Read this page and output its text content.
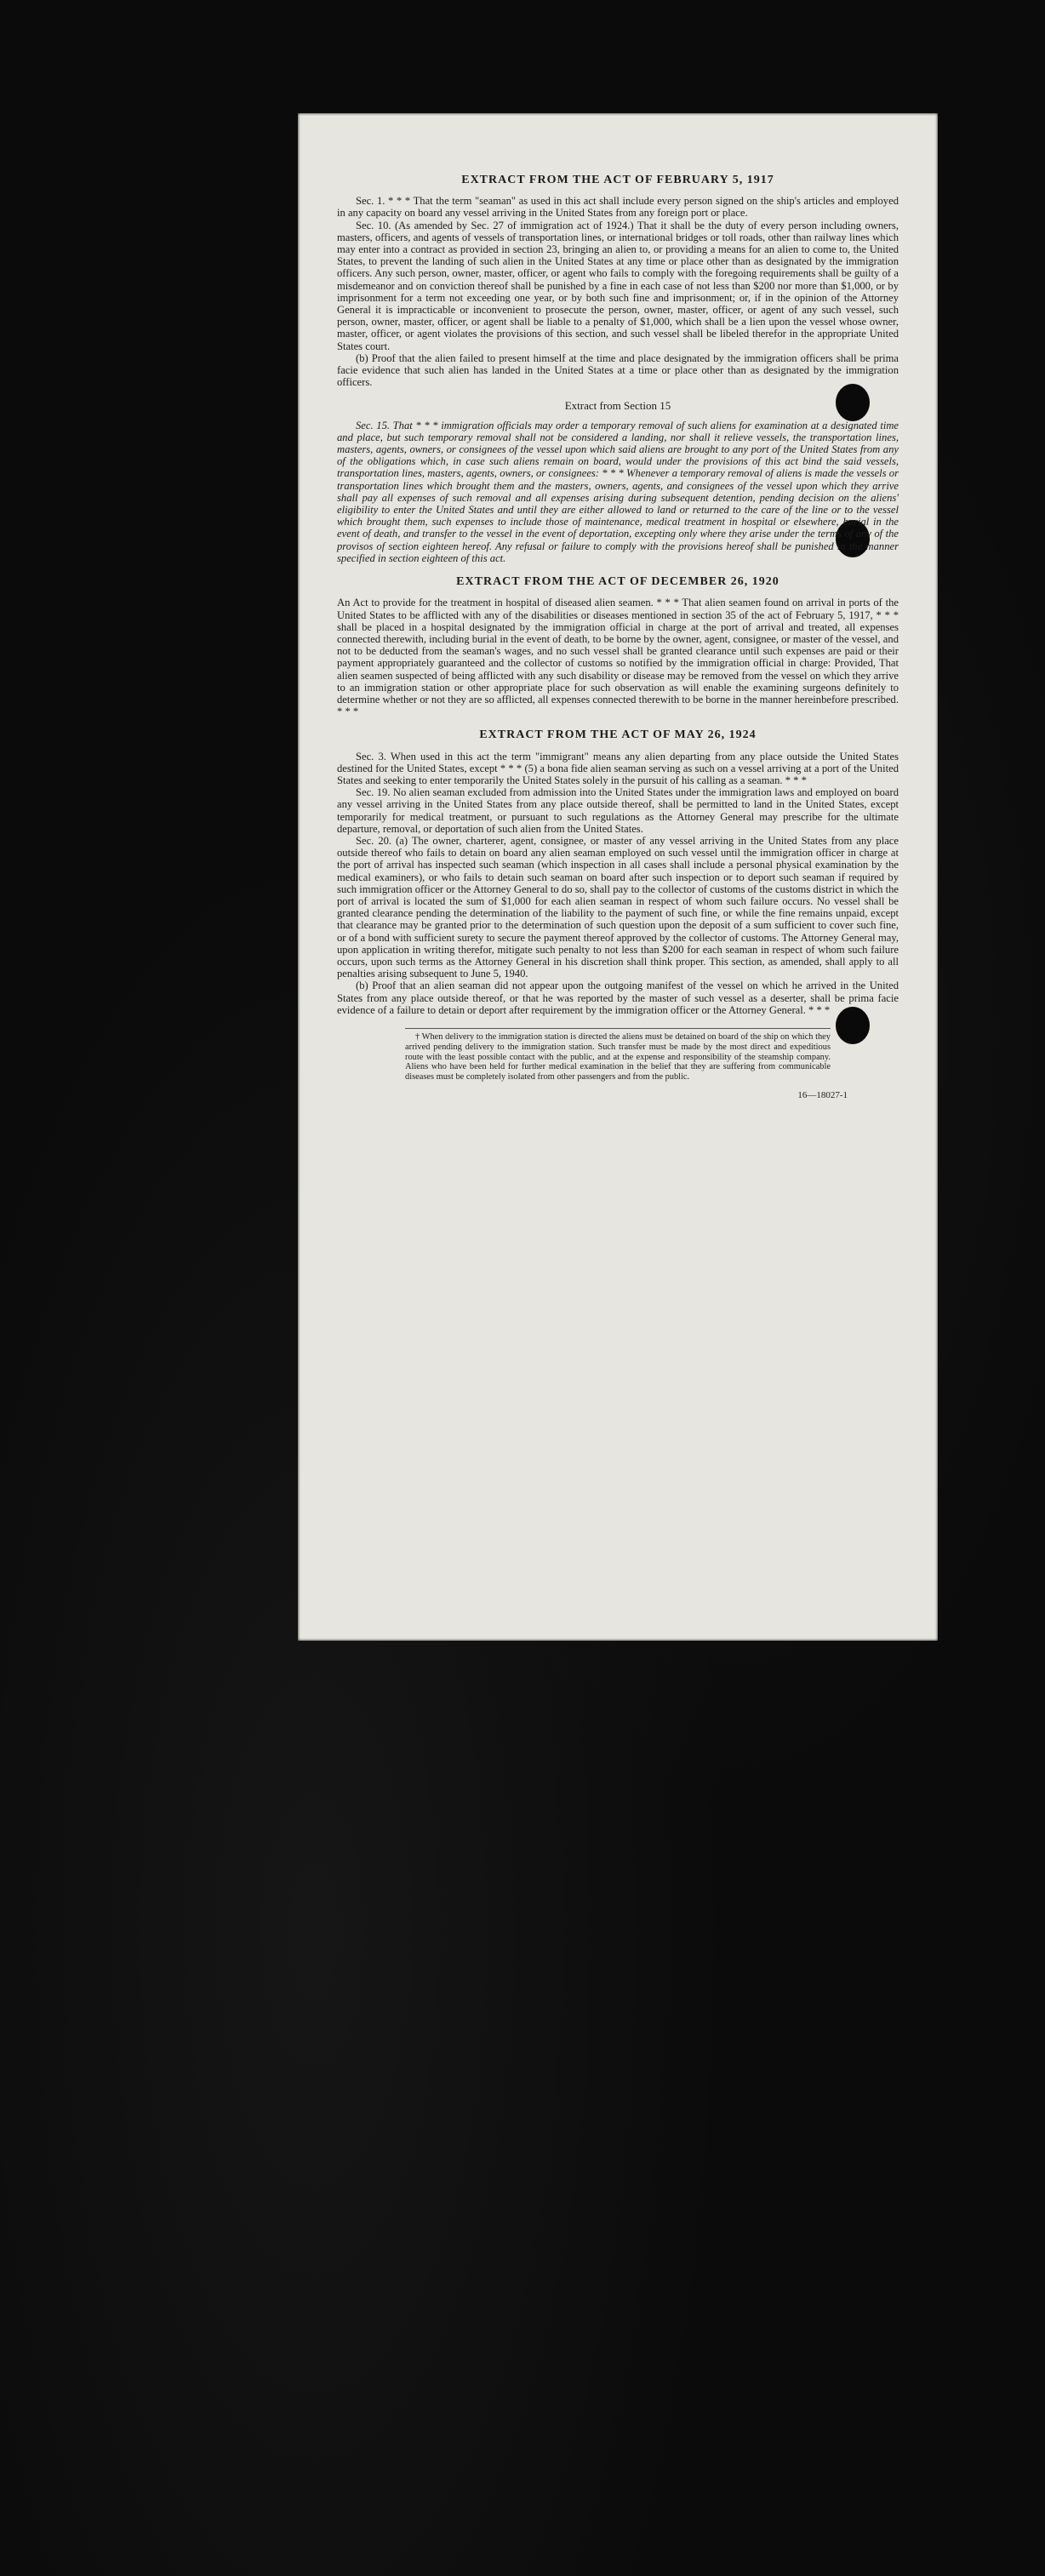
EXTRACT FROM THE ACT OF FEBRUARY 5, 1917

Sec. 1. * * * That the term "seaman" as used in this act shall include every person signed on the ship's articles and employed in any capacity on board any vessel arriving in the United States from any foreign port or place.

Sec. 10. (As amended by Sec. 27 of immigration act of 1924.) That it shall be the duty of every person including owners, masters, officers, and agents of vessels of transportation lines, or international bridges or toll roads, other than railway lines which may enter into a contract as provided in section 23, bringing an alien to, or providing a means for an alien to come to, the United States, to prevent the landing of such alien in the United States at any time or place other than as designated by the immigration officers. Any such person, owner, master, officer, or agent who fails to comply with the foregoing requirements shall be guilty of a misdemeanor and on conviction thereof shall be punished by a fine in each case of not less than $200 nor more than $1,000, or by imprisonment for a term not exceeding one year, or by both such fine and imprisonment; or, if in the opinion of the Attorney General it is impracticable or inconvenient to prosecute the person, owner, master, officer, or agent of any such vessel, such person, owner, master, officer, or agent shall be liable to a penalty of $1,000, which shall be a lien upon the vessel whose owner, master, officer, or agent violates the provisions of this section, and such vessel shall be libeled therefor in the appropriate United States court.

(b) Proof that the alien failed to present himself at the time and place designated by the immigration officers shall be prima facie evidence that such alien has landed in the United States at a time or place other than as designated by the immigration officers.

Extract from Section 15

Sec. 15. That * * * immigration officials may order a temporary removal of such aliens for examination at a designated time and place, but such temporary removal shall not be considered a landing, nor shall it relieve vessels, the transportation lines, masters, agents, owners, or consignees of the vessel upon which said aliens are brought to any port of the United States from any of the obligations which, in case such aliens remain on board, would under the provisions of this act bind the said vessels, transportation lines, masters, agents, owners, or consignees: * * * Whenever a temporary removal of aliens is made the vessels or transportation lines which brought them and the masters, owners, agents, and consignees of the vessel upon which they arrive shall pay all expenses of such removal and all expenses arising during subsequent detention, pending decision on the aliens' eligibility to enter the United States and until they are either allowed to land or returned to the care of the line or to the vessel which brought them, such expenses to include those of maintenance, medical treatment in hospital or elsewhere, burial in the event of death, and transfer to the vessel in the event of deportation, excepting only where they arise under the terms of any of the provisos of section eighteen hereof. Any refusal or failure to comply with the provisions hereof shall be punished in the manner specified in section eighteen of this act.

EXTRACT FROM THE ACT OF DECEMBER 26, 1920

An Act to provide for the treatment in hospital of diseased alien seamen. * * * That alien seamen found on arrival in ports of the United States to be afflicted with any of the disabilities or diseases mentioned in section 35 of the act of February 5, 1917, * * * shall be placed in a hospital designated by the immigration official in charge at the port of arrival and treated, all expenses connected therewith, including burial in the event of death, to be borne by the owner, agent, consignee, or master of the vessel, and not to be deducted from the seaman's wages, and no such vessel shall be granted clearance until such expenses are paid or their payment appropriately guaranteed and the collector of customs so notified by the immigration official in charge: Provided, That alien seamen suspected of being afflicted with any such disability or disease may be removed from the vessel on which they arrive to an immigration station or other appropriate place for such observation as will enable the examining surgeons definitely to determine whether or not they are so afflicted, all expenses connected therewith to be borne in the manner hereinbefore prescribed. * * *

EXTRACT FROM THE ACT OF MAY 26, 1924

Sec. 3. When used in this act the term "immigrant" means any alien departing from any place outside the United States destined for the United States, except * * * (5) a bona fide alien seaman serving as such on a vessel arriving at a port of the United States and seeking to enter temporarily the United States solely in the pursuit of his calling as a seaman. * * *

Sec. 19. No alien seaman excluded from admission into the United States under the immigration laws and employed on board any vessel arriving in the United States from any place outside thereof, shall be permitted to land in the United States, except temporarily for medical treatment, or pursuant to such regulations as the Attorney General may prescribe for the ultimate departure, removal, or deportation of such alien from the United States.

Sec. 20. (a) The owner, charterer, agent, consignee, or master of any vessel arriving in the United States from any place outside thereof who fails to detain on board any alien seaman employed on such vessel until the immigration officer in charge at the port of arrival has inspected such seaman (which inspection in all cases shall include a personal physical examination by the medical examiners), or who fails to detain such seaman on board after such inspection or to deport such seaman if required by such immigration officer or the Attorney General to do so, shall pay to the collector of customs of the customs district in which the port of arrival is located the sum of $1,000 for each alien seaman in respect of whom such failure occurs. No vessel shall be granted clearance pending the determination of the liability to the payment of such fine, or while the fine remains unpaid, except that clearance may be granted prior to the determination of such question upon the deposit of a sum sufficient to cover such fine, or of a bond with sufficient surety to secure the payment thereof approved by the collector of customs. The Attorney General may, upon application in writing therefor, mitigate such penalty to not less than $200 for each seaman in respect of whom such failure occurs, upon such terms as the Attorney General in his discretion shall think proper. This section, as amended, shall apply to all penalties arising subsequent to June 5, 1940.

(b) Proof that an alien seaman did not appear upon the outgoing manifest of the vessel on which he arrived in the United States from any place outside thereof, or that he was reported by the master of such vessel as a deserter, shall be prima facie evidence of a failure to detain or deport after requirement by the immigration officer or the Attorney General. * * *

† When delivery to the immigration station is directed the aliens must be detained on board of the ship on which they arrived pending delivery to the immigration station. Such transfer must be made by the most direct and expeditious route with the least possible contact with the public, and at the expense and responsibility of the steamship company. Aliens who have been held for further medical examination in the belief that they are suffering from communicable diseases must be completely isolated from other passengers and from the public.

16—18027-1
